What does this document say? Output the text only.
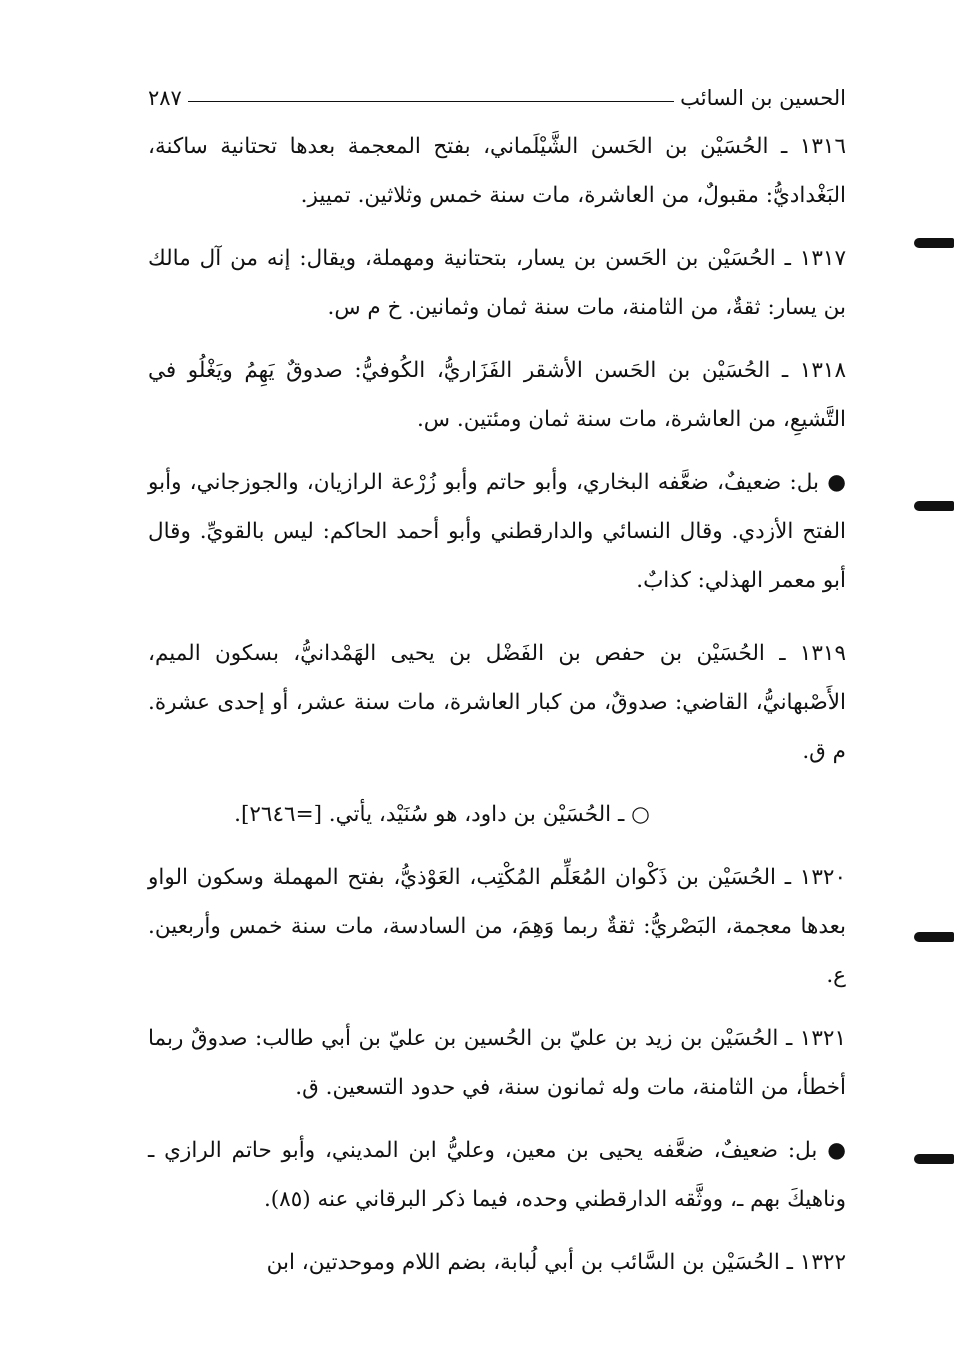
الحسين بن السائب
٢٨٧

١٣١٦ ـ الحُسَيْن بن الحَسن الشَّيْلَماني، بفتح المعجمة بعدها تحتانية ساكنة، البَغْداديُّ: مقبولٌ، من العاشرة، مات سنة خمس وثلاثين. تمييز.

١٣١٧ ـ الحُسَيْن بن الحَسن بن يسار، بتحتانية ومهملة، ويقال: إنه من آل مالك بن يسار: ثقةٌ، من الثامنة، مات سنة ثمان وثمانين. خ م س.

١٣١٨ ـ الحُسَيْن بن الحَسن الأشقر الفَزَاريُّ، الكُوفيُّ: صدوقٌ يَهِمُ ويَغْلُو في التَّشيعِ، من العاشرة، مات سنة ثمان ومئتين. س.

● بل: ضعيفٌ، ضعَّفه البخاري، وأبو حاتم وأبو زُرْعة الرازيان، والجوزجاني، وأبو الفتح الأزدي. وقال النسائي والدارقطني وأبو أحمد الحاكم: ليس بالقويِّ. وقال أبو معمر الهذلي: كذابٌ.

١٣١٩ ـ الحُسَيْن بن حفص بن الفَضْل بن يحيى الهَمْدانيُّ، بسكون الميم، الأَصْبهانيُّ، القاضي: صدوقٌ، من كبار العاشرة، مات سنة عشر، أو إحدى عشرة. م ق.

○ ـ الحُسَيْن بن داود، هو سُنَيْد، يأتي. [=٢٦٤٦].

١٣٢٠ ـ الحُسَيْن بن ذَكْوان المُعَلِّم المُكْتِب، العَوْذيُّ، بفتح المهملة وسكون الواو بعدها معجمة، البَصْريُّ: ثقةٌ ربما وَهِمَ، من السادسة، مات سنة خمس وأربعين. ع.

١٣٢١ ـ الحُسَيْن بن زيد بن عليّ بن الحُسين بن عليّ بن أبي طالب: صدوقٌ ربما أخطأ، من الثامنة، مات وله ثمانون سنة، في حدود التسعين. ق.

● بل: ضعيفٌ، ضعَّفه يحيى بن معين، وعليُّ ابن المديني، وأبو حاتم الرازي ـ وناهيكَ بهم ـ، ووثَّقه الدارقطني وحده، فيما ذكر البرقاني عنه (٨٥).

١٣٢٢ ـ الحُسَيْن بن السَّائب بن أبي لُبابة، بضم اللام وموحدتين، ابن
